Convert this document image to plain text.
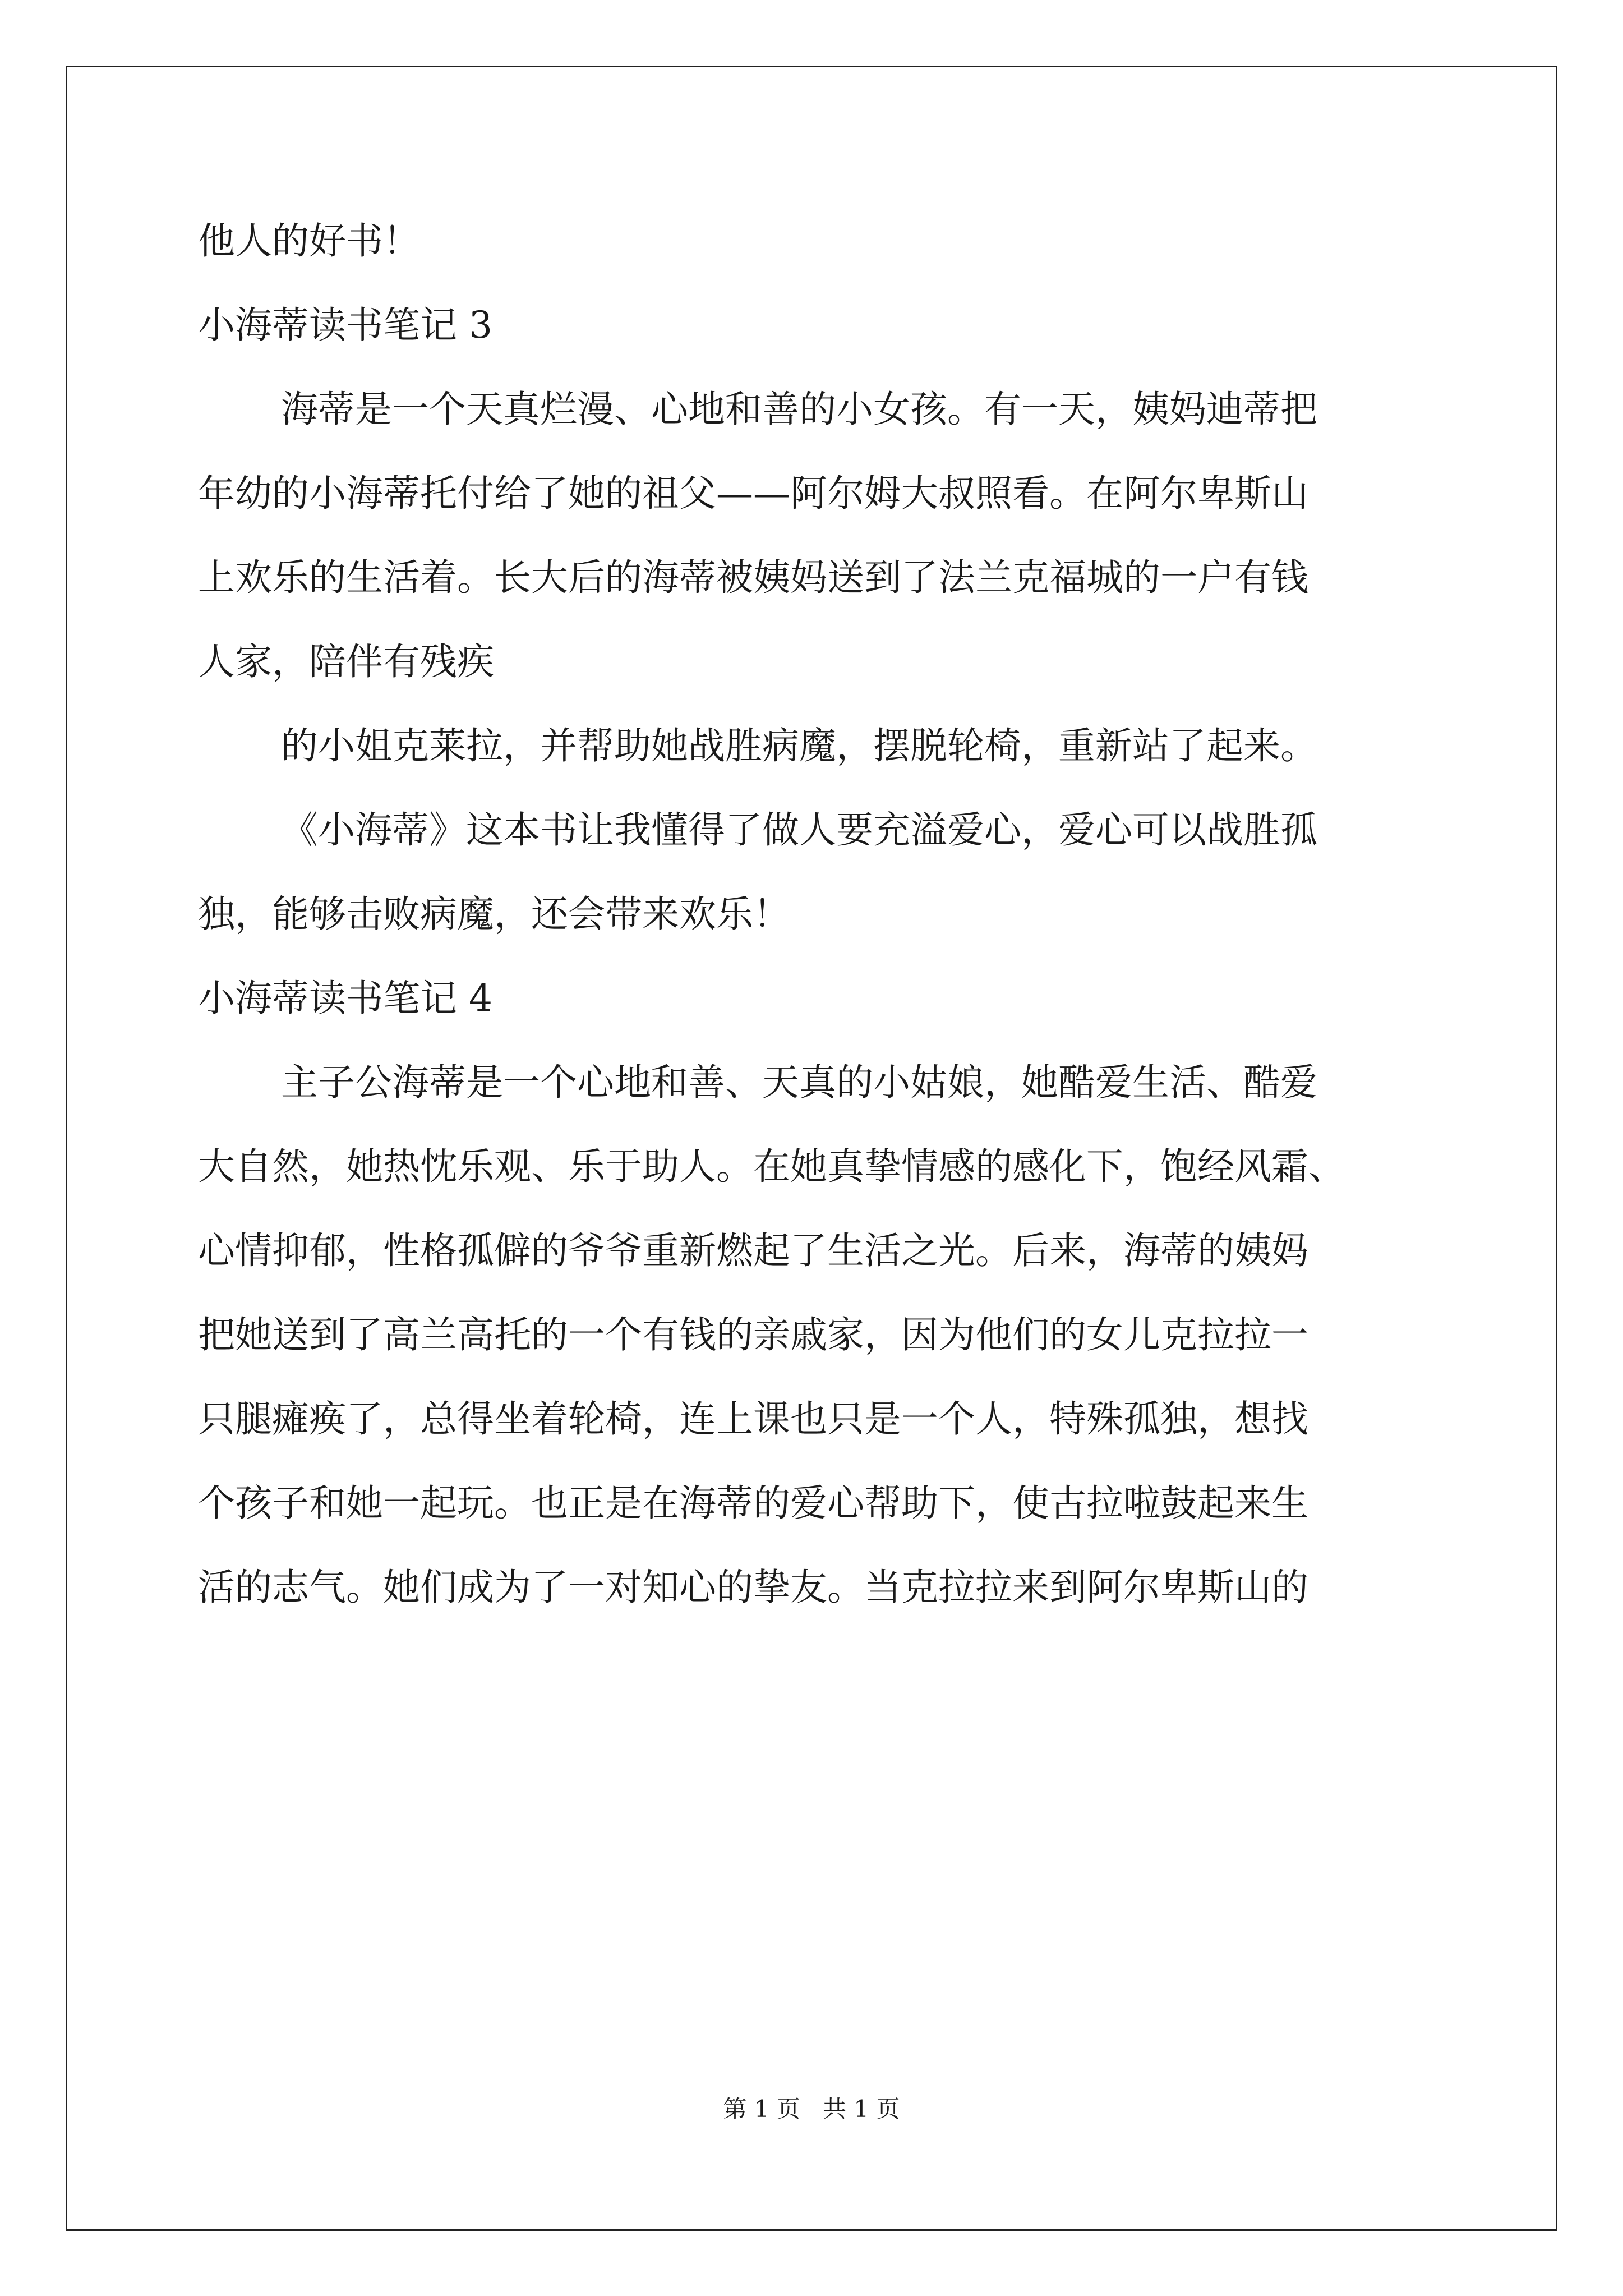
他人的好书！
小海蒂读书笔记 3
海蒂是一个天真烂漫、心地和善的小女孩。有一天，姨妈迪蒂把
年幼的小海蒂托付给了她的祖父——阿尔姆大叔照看。在阿尔卑斯山
上欢乐的生活着。长大后的海蒂被姨妈送到了法兰克福城的一户有钱
人家，陪伴有残疾
的小姐克莱拉，并帮助她战胜病魔，摆脱轮椅，重新站了起来。
《小海蒂》这本书让我懂得了做人要充溢爱心，爱心可以战胜孤
独，能够击败病魔，还会带来欢乐！
小海蒂读书笔记 4
主子公海蒂是一个心地和善、天真的小姑娘，她酷爱生活、酷爱
大自然，她热忱乐观、乐于助人。在她真挚情感的感化下，饱经风霜、
心情抑郁，性格孤僻的爷爷重新燃起了生活之光。后来，海蒂的姨妈
把她送到了高兰高托的一个有钱的亲戚家，因为他们的女儿克拉拉一
只腿瘫痪了，总得坐着轮椅，连上课也只是一个人，特殊孤独，想找
个孩子和她一起玩。也正是在海蒂的爱心帮助下，使古拉啦鼓起来生
活的志气。她们成为了一对知心的挚友。当克拉拉来到阿尔卑斯山的
第 1 页   共 1 页
